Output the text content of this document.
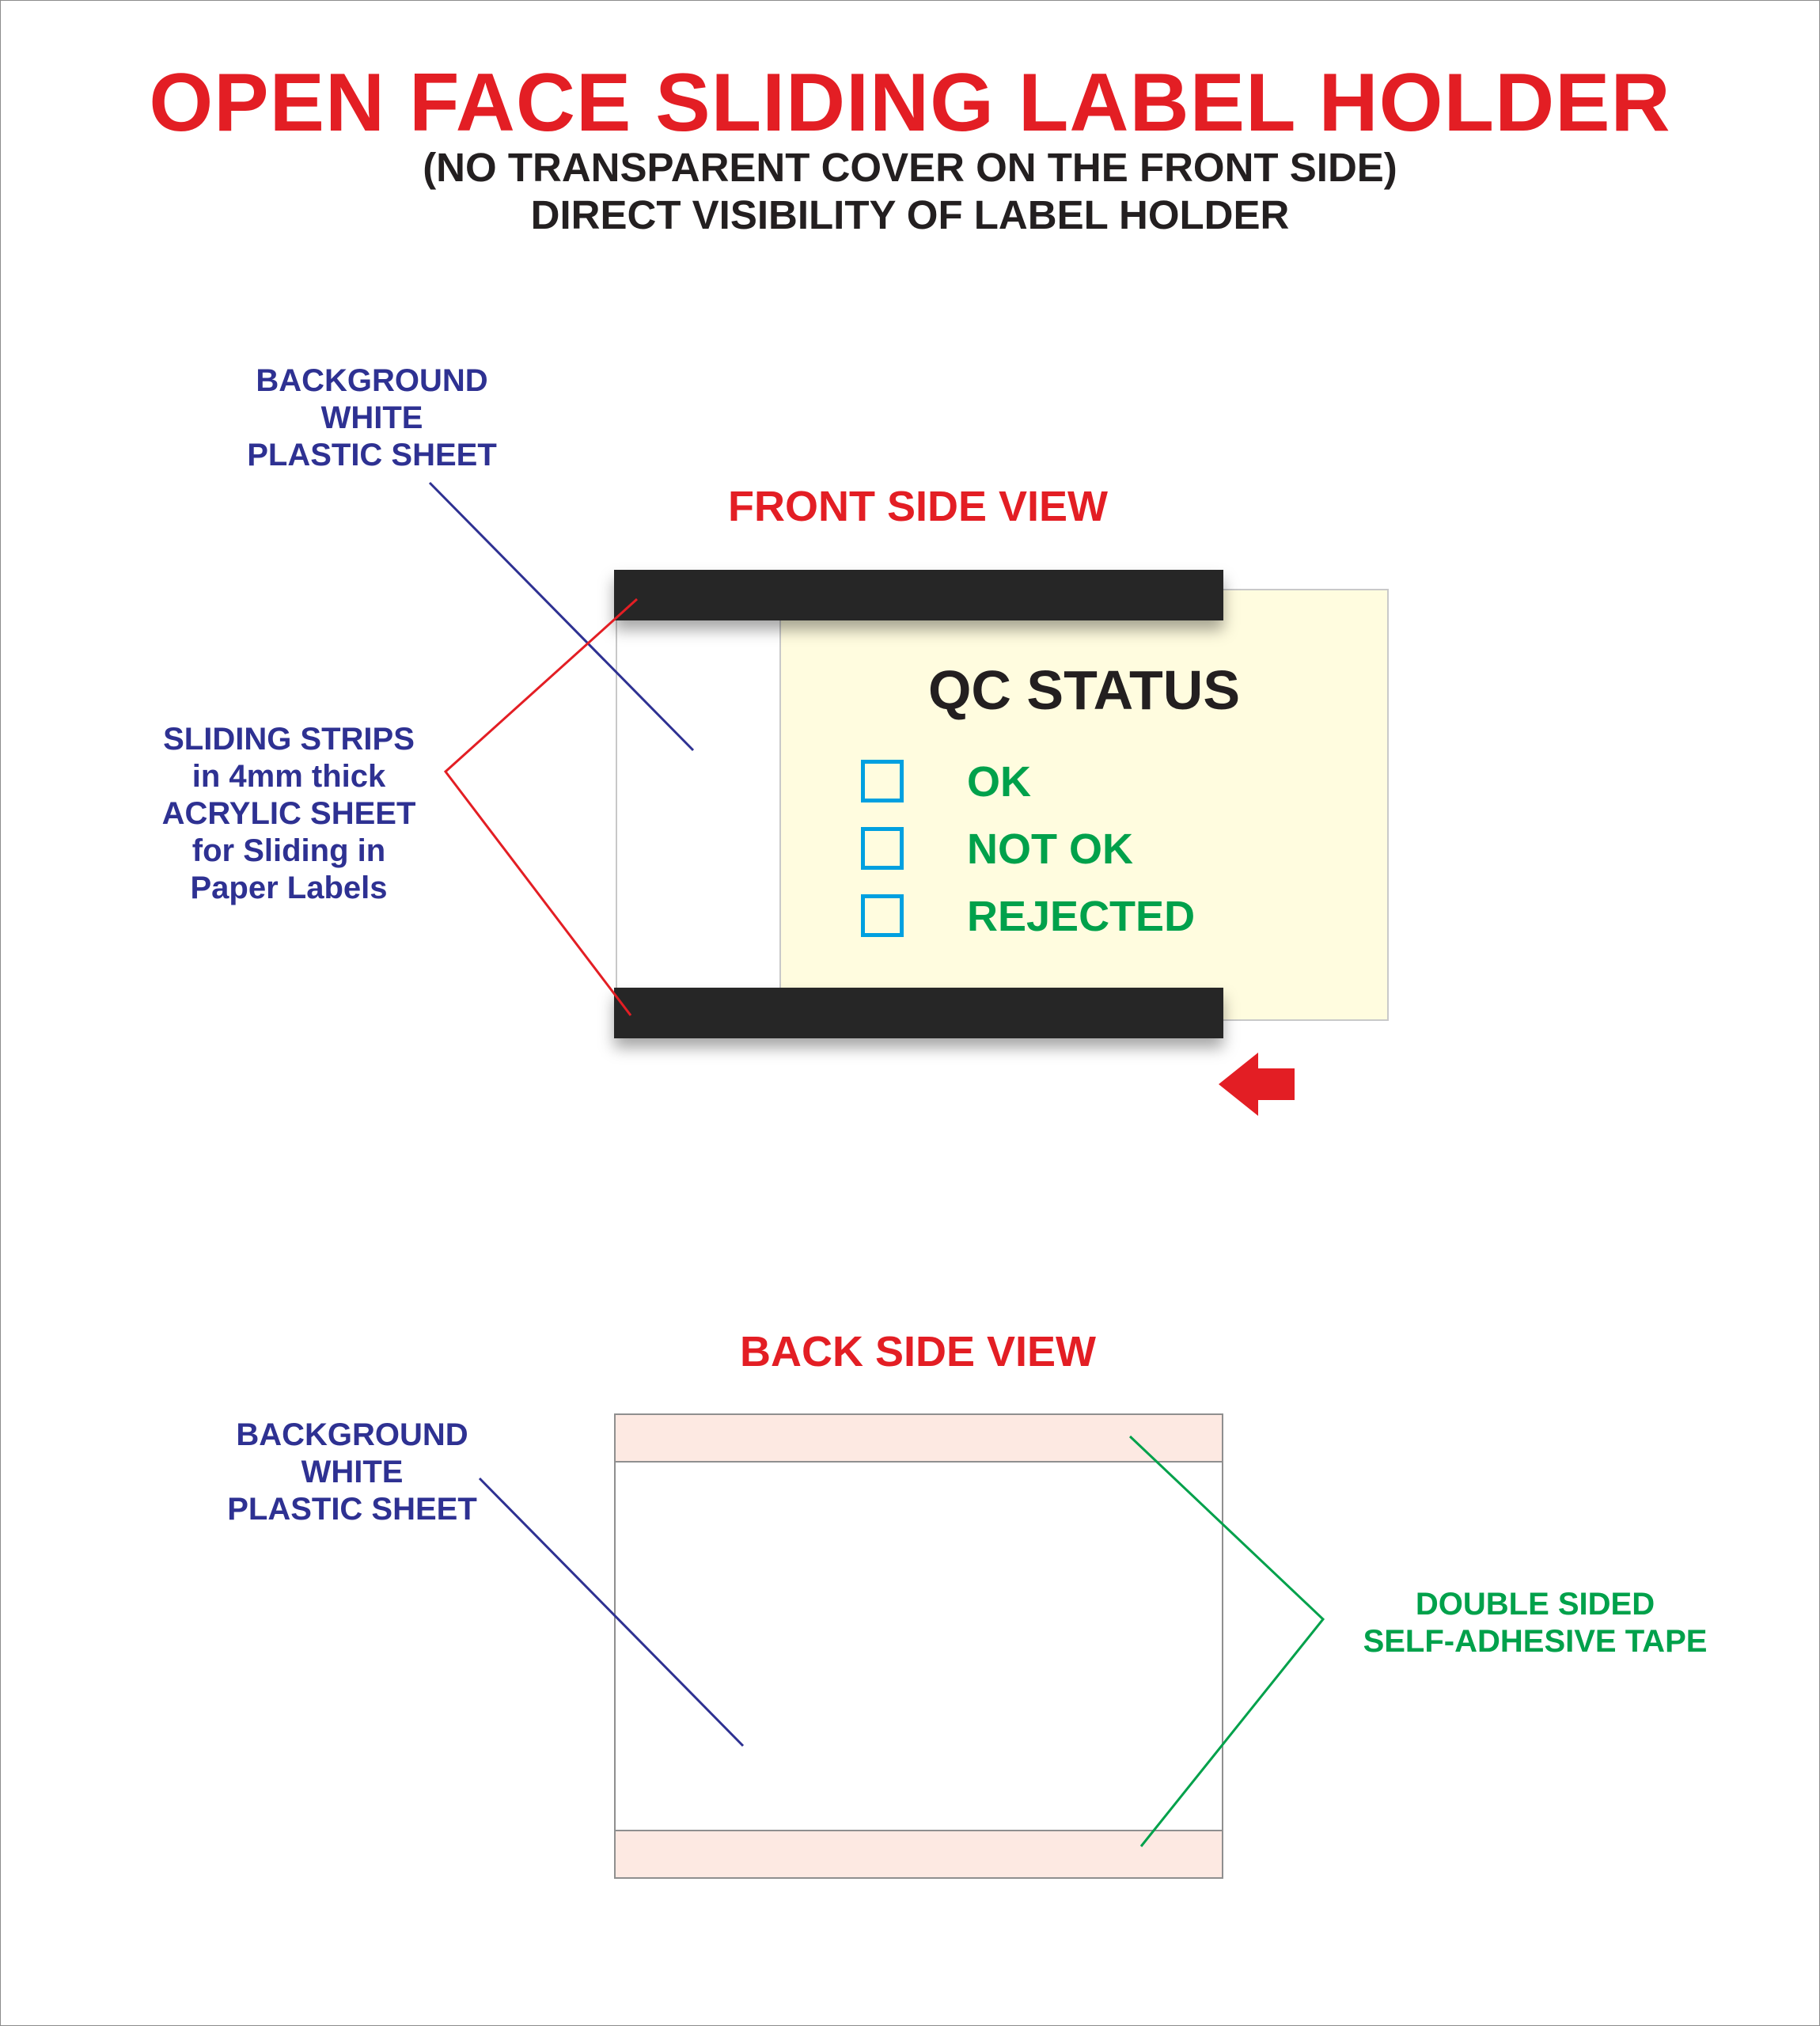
OPEN FACE SLIDING LABEL HOLDER
(NO TRANSPARENT COVER ON THE FRONT SIDE)
DIRECT VISIBILITY OF LABEL HOLDER
FRONT SIDE VIEW
BACKGROUND
WHITE
PLASTIC SHEET
SLIDING STRIPS
in 4mm thick
ACRYLIC SHEET
for Sliding in
Paper Labels
QC STATUS
OK
NOT OK
REJECTED
BACK SIDE VIEW
BACKGROUND
WHITE
PLASTIC SHEET
DOUBLE SIDED
SELF-ADHESIVE TAPE
